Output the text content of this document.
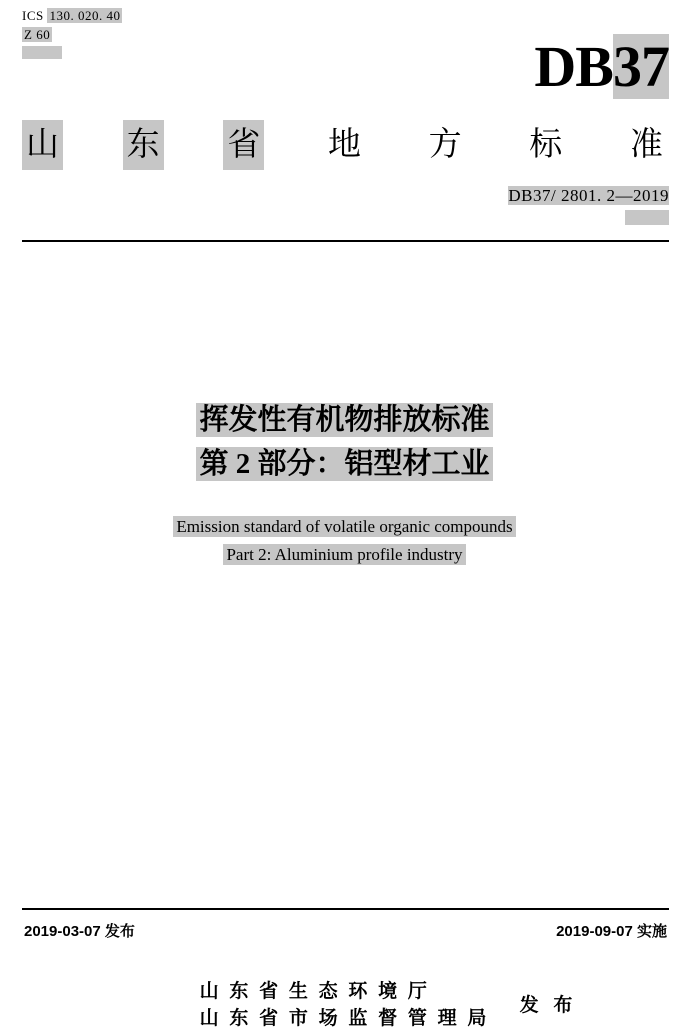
ICS 130. 020. 40
Z 60	DB37
山 东 省 地 方 标 准
DB37/ 2801. 2—2019
挥发性有机物排放标准
第 2 部分：铝型材工业
Emission standard of volatile organic compounds
Part 2: Aluminium profile industry
2019-03-07 发布	2019-09-07 实施
山 东 省 生 态 环 境 厅
山 东 省 市 场 监 督 管 理 局
发 布
